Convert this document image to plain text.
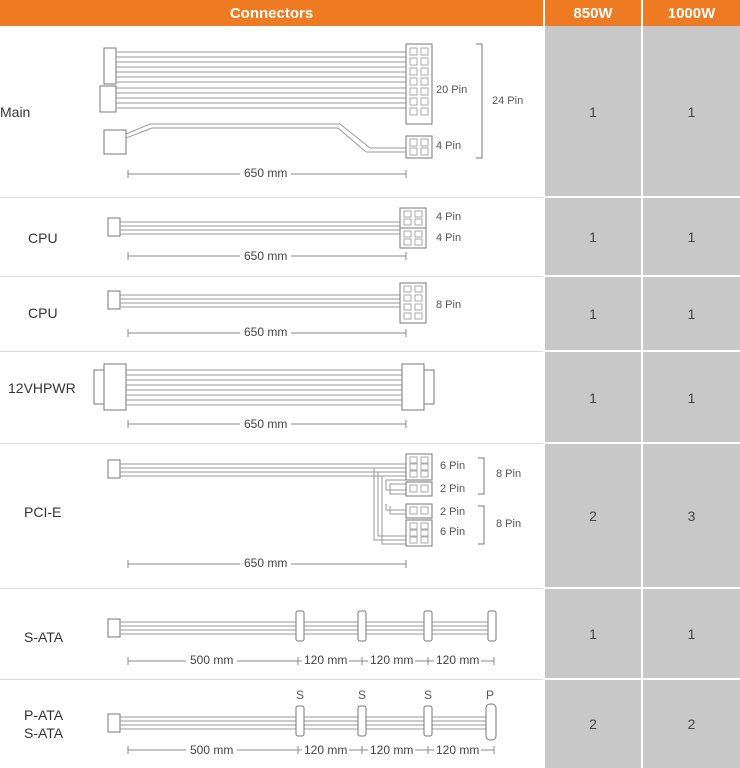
Connectors	850W	1000W
Main
20 Pin
4 Pin
24 Pin
650 mm
1	1
CPU
4 Pin
4 Pin
650 mm
1	1
CPU	8 Pin
650 mm
1	1
12VHPWR
650 mm
1	1
PCI-E
6 Pin
2 Pin
8 Pin
2 Pin
6 Pin
8 Pin
650 mm
2	3
S-ATA
500 mm	120 mm 120 mm 120 mm
1	1
P-ATA
S-ATA
S	S	S	P
500 mm	120 mm 120 mm 120 mm
2	2
